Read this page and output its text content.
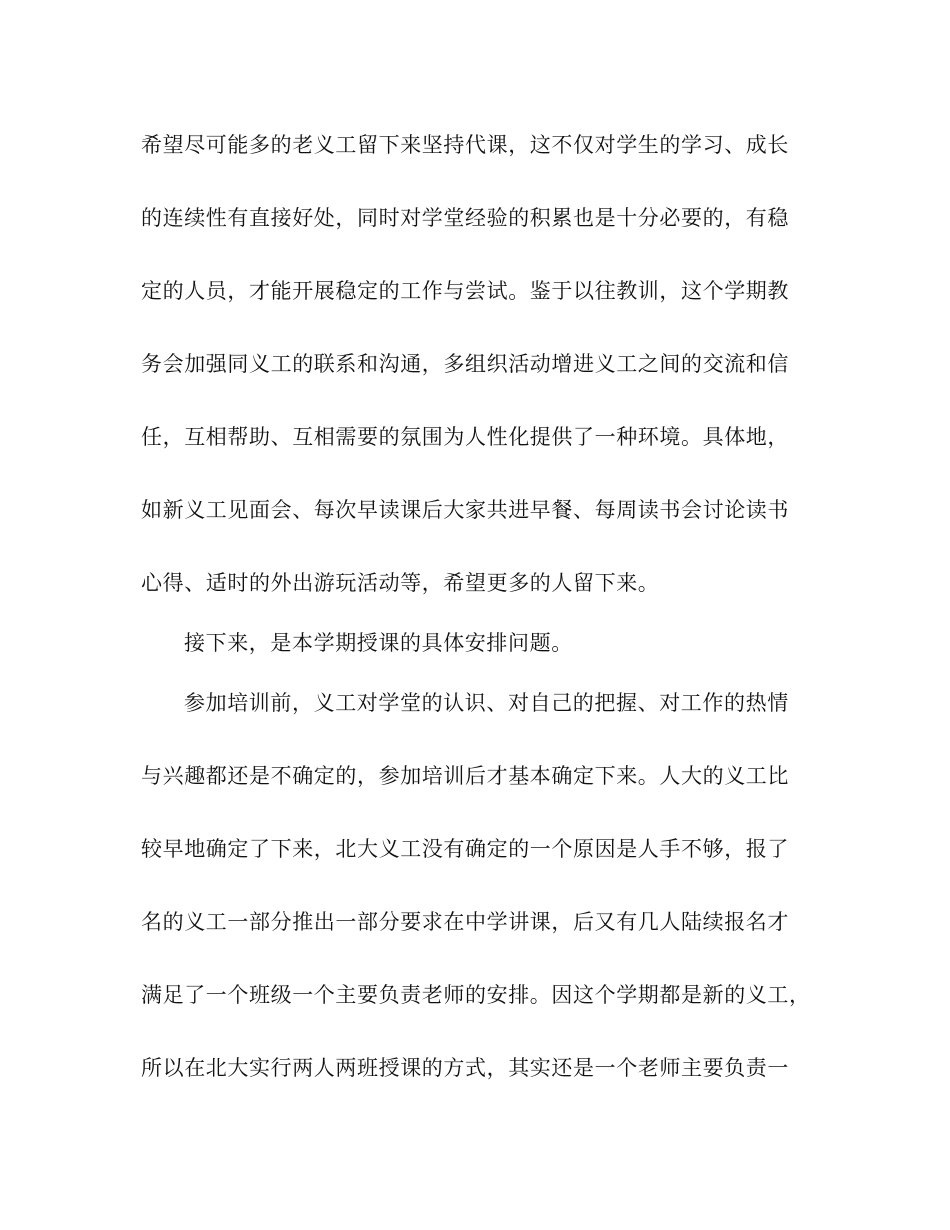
希望尽可能多的老义工留下来坚持代课，这不仅对学生的学习、成长
的连续性有直接好处，同时对学堂经验的积累也是十分必要的，有稳
定的人员，才能开展稳定的工作与尝试。鉴于以往教训，这个学期教
务会加强同义工的联系和沟通，多组织活动增进义工之间的交流和信
任，互相帮助、互相需要的氛围为人性化提供了一种环境。具体地，
如新义工见面会、每次早读课后大家共进早餐、每周读书会讨论读书
心得、适时的外出游玩活动等，希望更多的人留下来。
接下来，是本学期授课的具体安排问题。
参加培训前，义工对学堂的认识、对自己的把握、对工作的热情
与兴趣都还是不确定的，参加培训后才基本确定下来。人大的义工比
较早地确定了下来，北大义工没有确定的一个原因是人手不够，报了
名的义工一部分推出一部分要求在中学讲课，后又有几人陆续报名才
满足了一个班级一个主要负责老师的安排。因这个学期都是新的义工，
所以在北大实行两人两班授课的方式，其实还是一个老师主要负责一
